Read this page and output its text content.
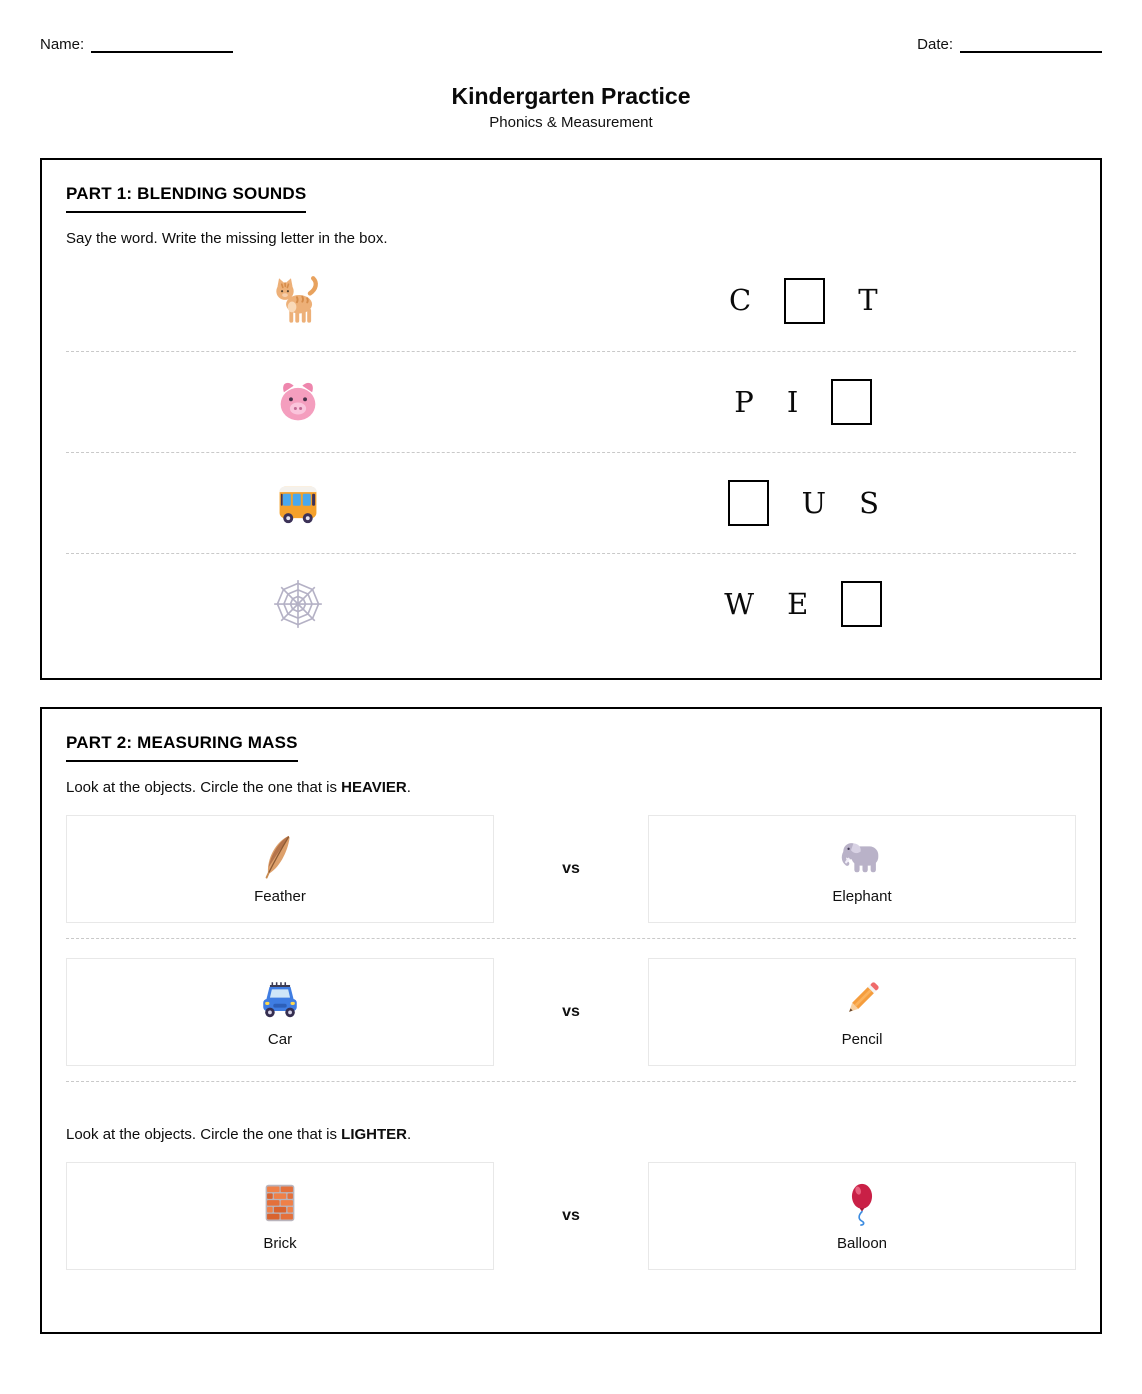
Name:	Date:
Kindergarten Practice
Phonics & Measurement
PART 1: BLENDING SOUNDS
Say the word. Write the missing letter in the box.
C	T
P I
U S
W E
PART 2: MEASURING MASS
Look at the objects. Circle the one that is HEAVIER.
Feather
vs
Elephant
Car
vs
Pencil
Look at the objects. Circle the one that is LIGHTER.
Brick
vs
Balloon
